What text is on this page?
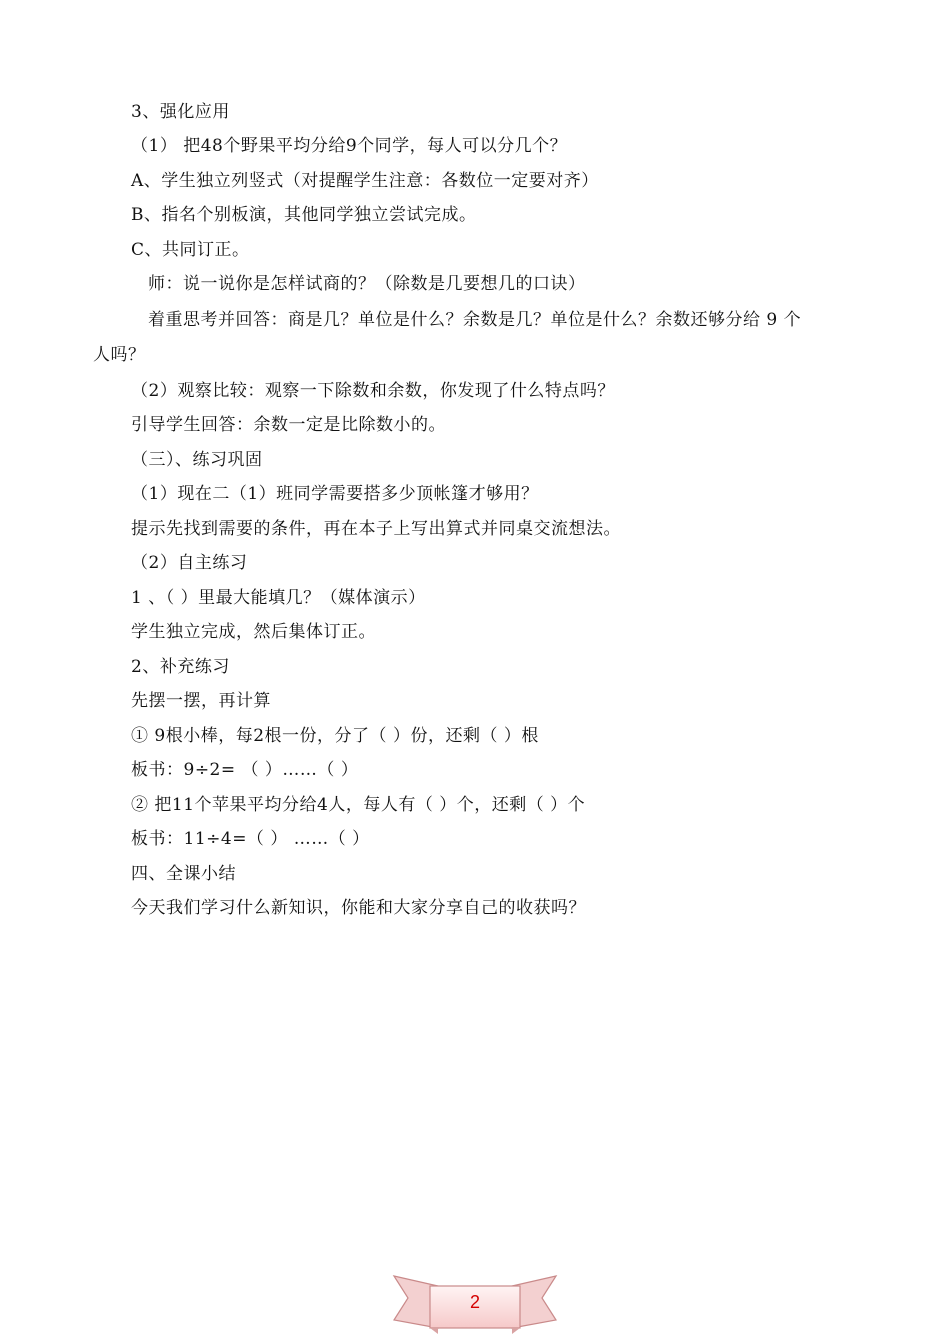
3、强化应用
（1） 把48个野果平均分给9个同学，每人可以分几个？
A、学生独立列竖式（对提醒学生注意：各数位一定要对齐）
B、指名个别板演，其他同学独立尝试完成。
C、共同订正。
师：说一说你是怎样试商的？（除数是几要想几的口诀）
着重思考并回答：商是几？单位是什么？余数是几？单位是什么？余数还够分给 9 个
人吗？
（2）观察比较：观察一下除数和余数，你发现了什么特点吗？
引导学生回答：余数一定是比除数小的。
（三）、练习巩固
（1）现在二（1）班同学需要搭多少顶帐篷才够用？
提示先找到需要的条件，再在本子上写出算式并同桌交流想法。
（2）自主练习
1 、（ ）里最大能填几？（媒体演示）
学生独立完成，然后集体订正。
2、补充练习
先摆一摆，再计算
① 9根小棒，每2根一份，分了（ ）份，还剩（ ）根
板书：9÷2= （ ）……（ ）
② 把11个苹果平均分给4人，每人有（ ）个，还剩（ ）个
板书：11÷4=（ ） ……（ ）
四、全课小结
今天我们学习什么新知识，你能和大家分享自己的收获吗？
2
